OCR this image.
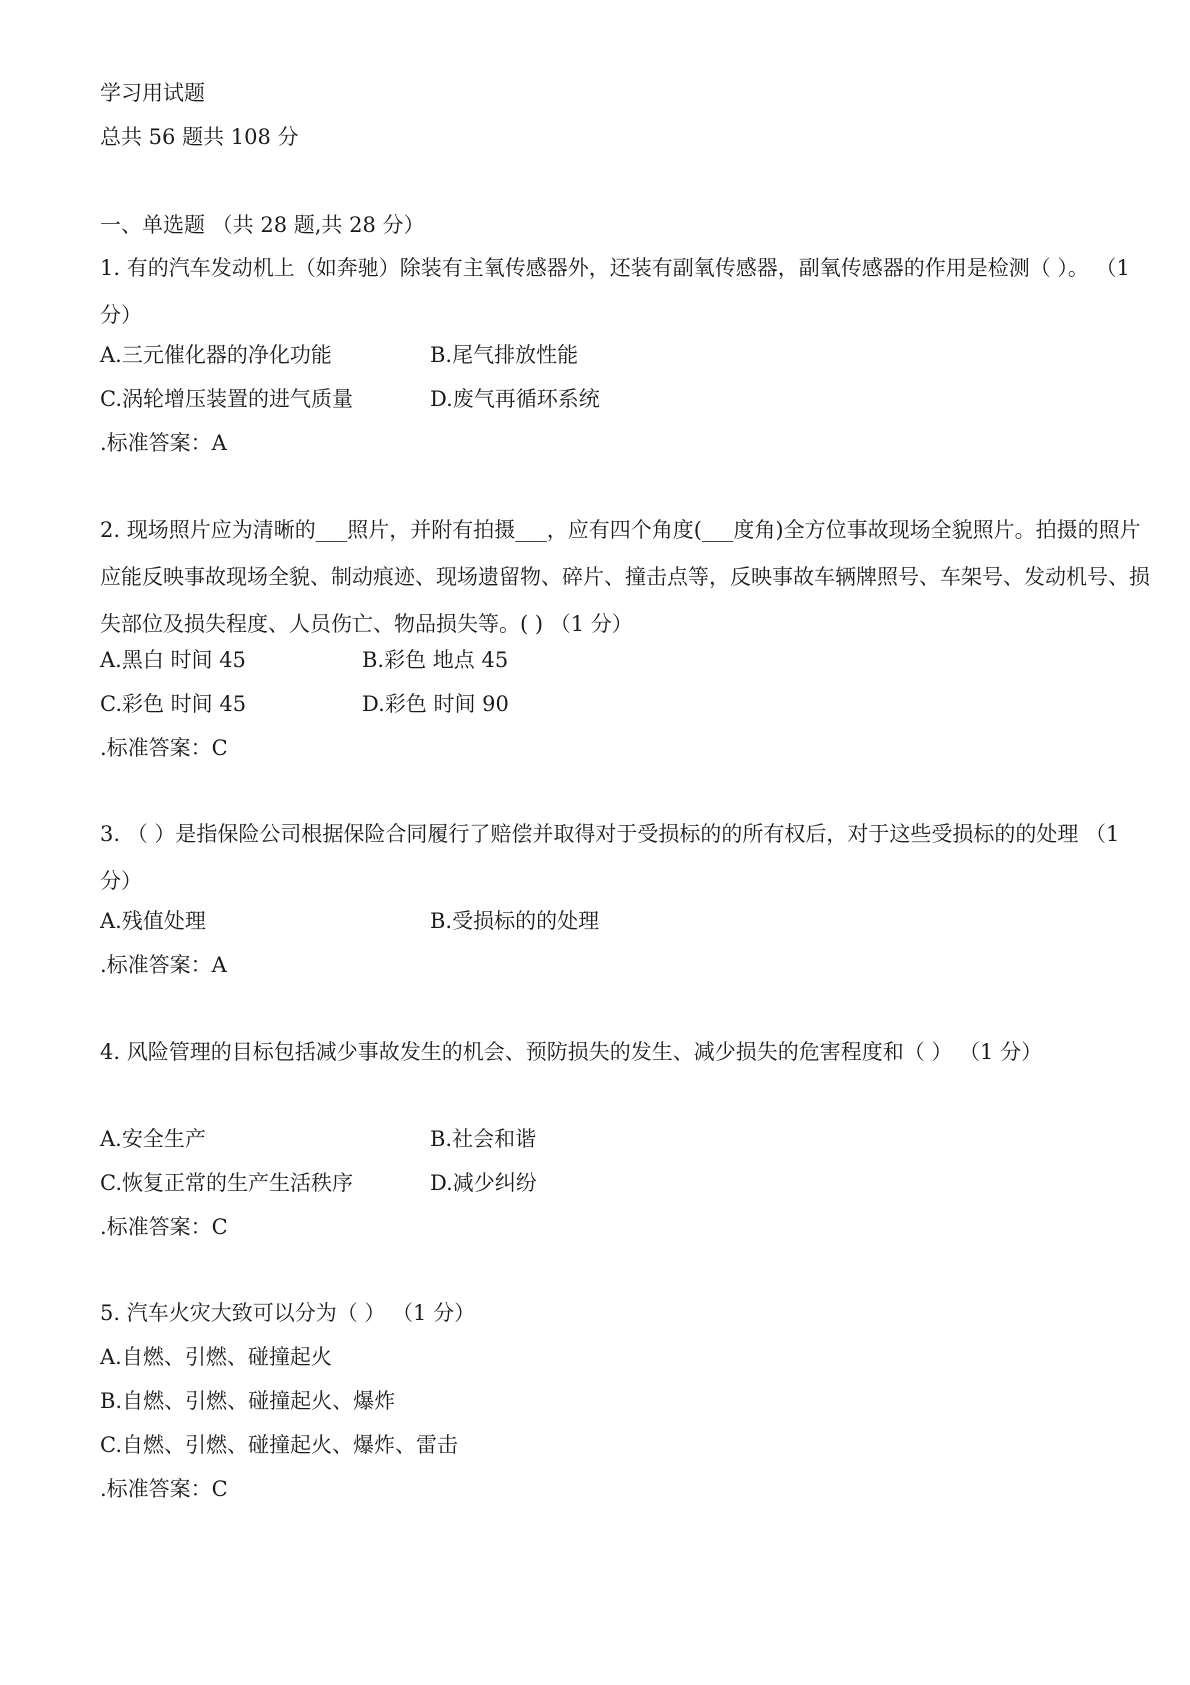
学习用试题
总共 56 题共 108 分
一、单选题 （共 28 题,共 28 分）
1. 有的汽车发动机上（如奔驰）除装有主氧传感器外，还装有副氧传感器，副氧传感器的作用是检测（ ）。 （1 分）
A.三元催化器的净化功能	B.尾气排放性能
C.涡轮增压装置的进气质量	D.废气再循环系统
.标准答案：A
2. 现场照片应为清晰的___照片，并附有拍摄___，应有四个角度(___度角)全方位事故现场全貌照片。拍摄的照片应能反映事故现场全貌、制动痕迹、现场遗留物、碎片、撞击点等，反映事故车辆牌照号、车架号、发动机号、损失部位及损失程度、人员伤亡、物品损失等。( ) （1 分）
A.黑白 时间 45	B.彩色 地点 45
C.彩色 时间 45	D.彩色 时间 90
.标准答案：C
3. （ ）是指保险公司根据保险合同履行了赔偿并取得对于受损标的的所有权后，对于这些受损标的的处理 （1 分）
A.残值处理	B.受损标的的处理
.标准答案：A
4. 风险管理的目标包括减少事故发生的机会、预防损失的发生、减少损失的危害程度和（ ） （1 分）
A.安全生产	B.社会和谐
C.恢复正常的生产生活秩序	D.减少纠纷
.标准答案：C
5. 汽车火灾大致可以分为（ ） （1 分）
A.自燃、引燃、碰撞起火
B.自燃、引燃、碰撞起火、爆炸
C.自燃、引燃、碰撞起火、爆炸、雷击
.标准答案：C
